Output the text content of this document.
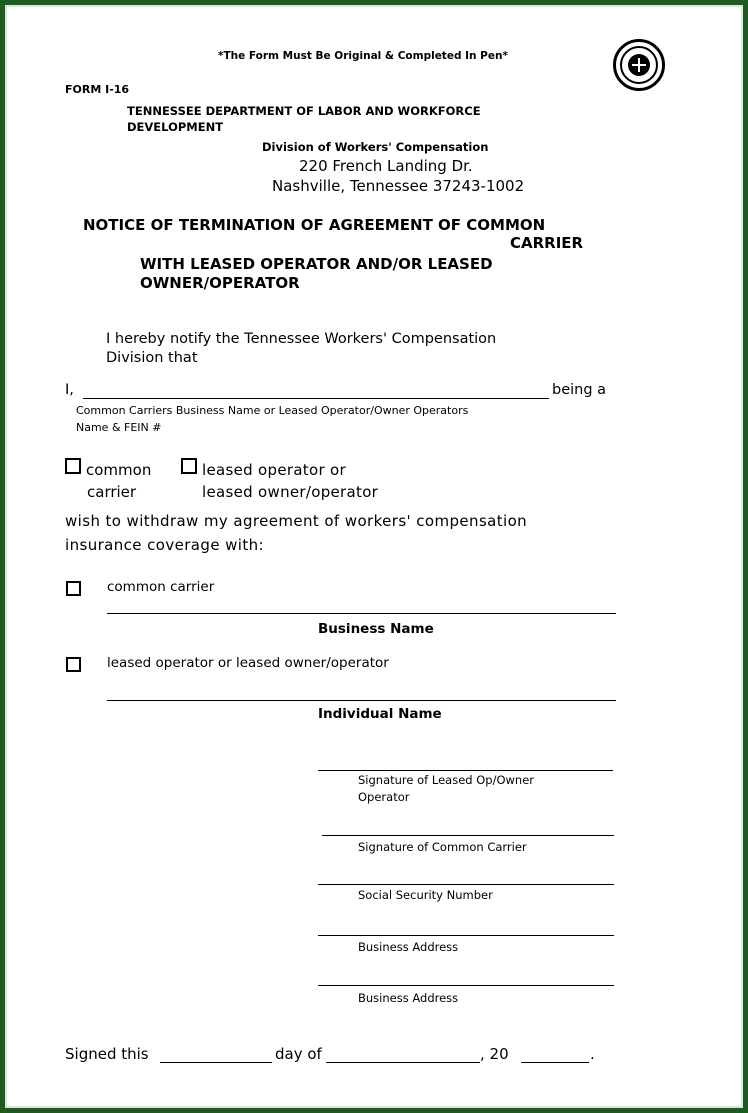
*The Form Must Be Original & Completed In Pen*
FORM I-16
TENNESSEE DEPARTMENT OF LABOR AND WORKFORCE
DEVELOPMENT
Division of Workers' Compensation
220 French Landing Dr.
Nashville, Tennessee 37243-1002
NOTICE OF TERMINATION OF AGREEMENT OF COMMON
CARRIER
WITH LEASED OPERATOR AND/OR LEASED
OWNER/OPERATOR
I hereby notify the Tennessee Workers' Compensation
Division that
I,	being a
Common Carriers Business Name or Leased Operator/Owner Operators
Name & FEIN #
common
carrier
leased operator or
leased owner/operator
wish to withdraw my agreement of workers' compensation
insurance coverage with:
common carrier
Business Name
leased operator or leased owner/operator
Individual Name
Signature of Leased Op/Owner
Operator
Signature of Common Carrier
Social Security Number
Business Address
Business Address
Signed this	day of	, 20	.
